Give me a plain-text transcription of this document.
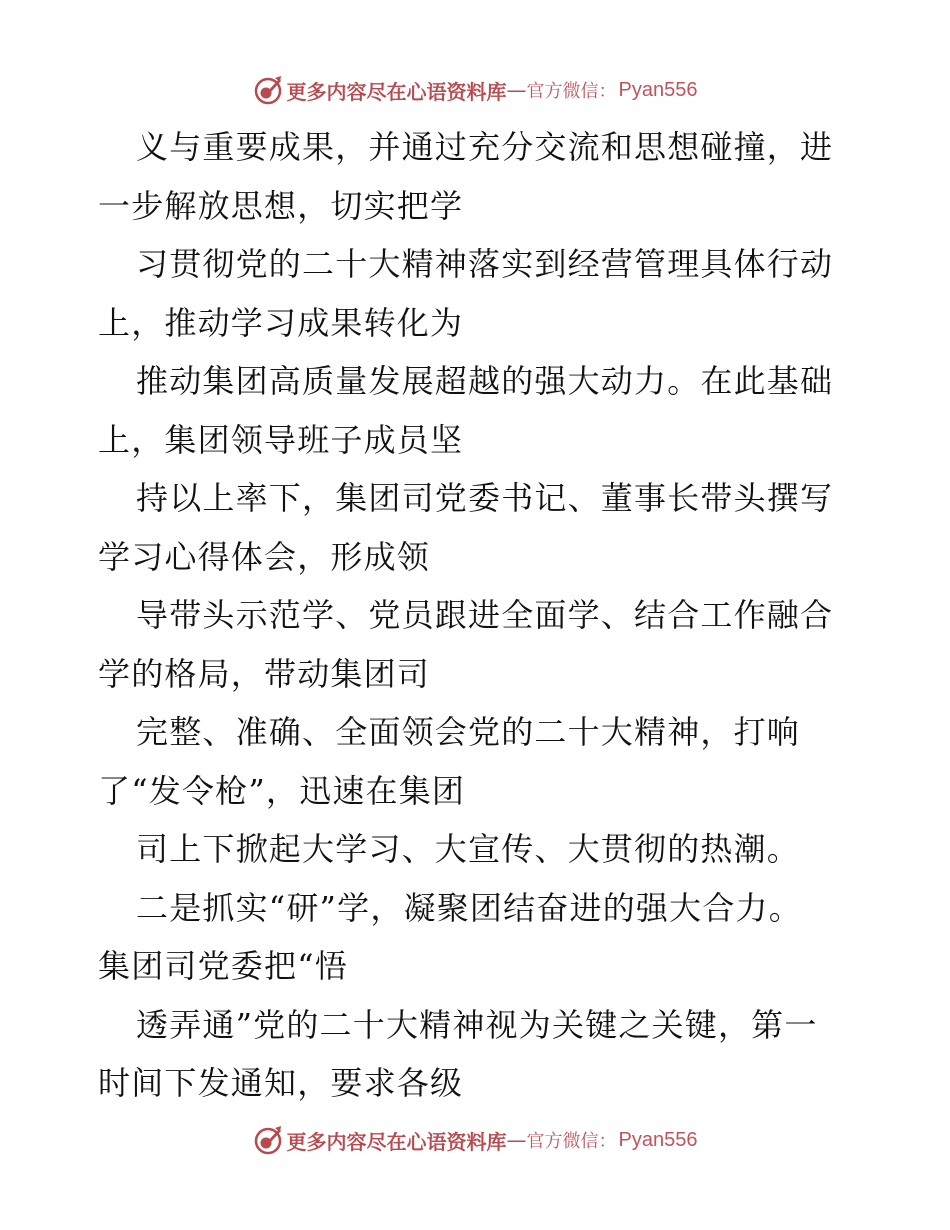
更多内容尽在心语资料库 — 官方微信： Pyan556
义与重要成果，并通过充分交流和思想碰撞，进
一步解放思想，切实把学
习贯彻党的二十大精神落实到经营管理具体行动
上，推动学习成果转化为
推动集团高质量发展超越的强大动力。在此基础
上，集团领导班子成员坚
持以上率下，集团司党委书记、董事长带头撰写
学习心得体会，形成领
导带头示范学、党员跟进全面学、结合工作融合
学的格局，带动集团司
完整、准确、全面领会党的二十大精神，打响
了“发令枪”，迅速在集团
司上下掀起大学习、大宣传、大贯彻的热潮。
二是抓实“研”学，凝聚团结奋进的强大合力。
集团司党委把“悟
透弄通”党的二十大精神视为关键之关键，第一
时间下发通知，要求各级
更多内容尽在心语资料库 — 官方微信： Pyan556
